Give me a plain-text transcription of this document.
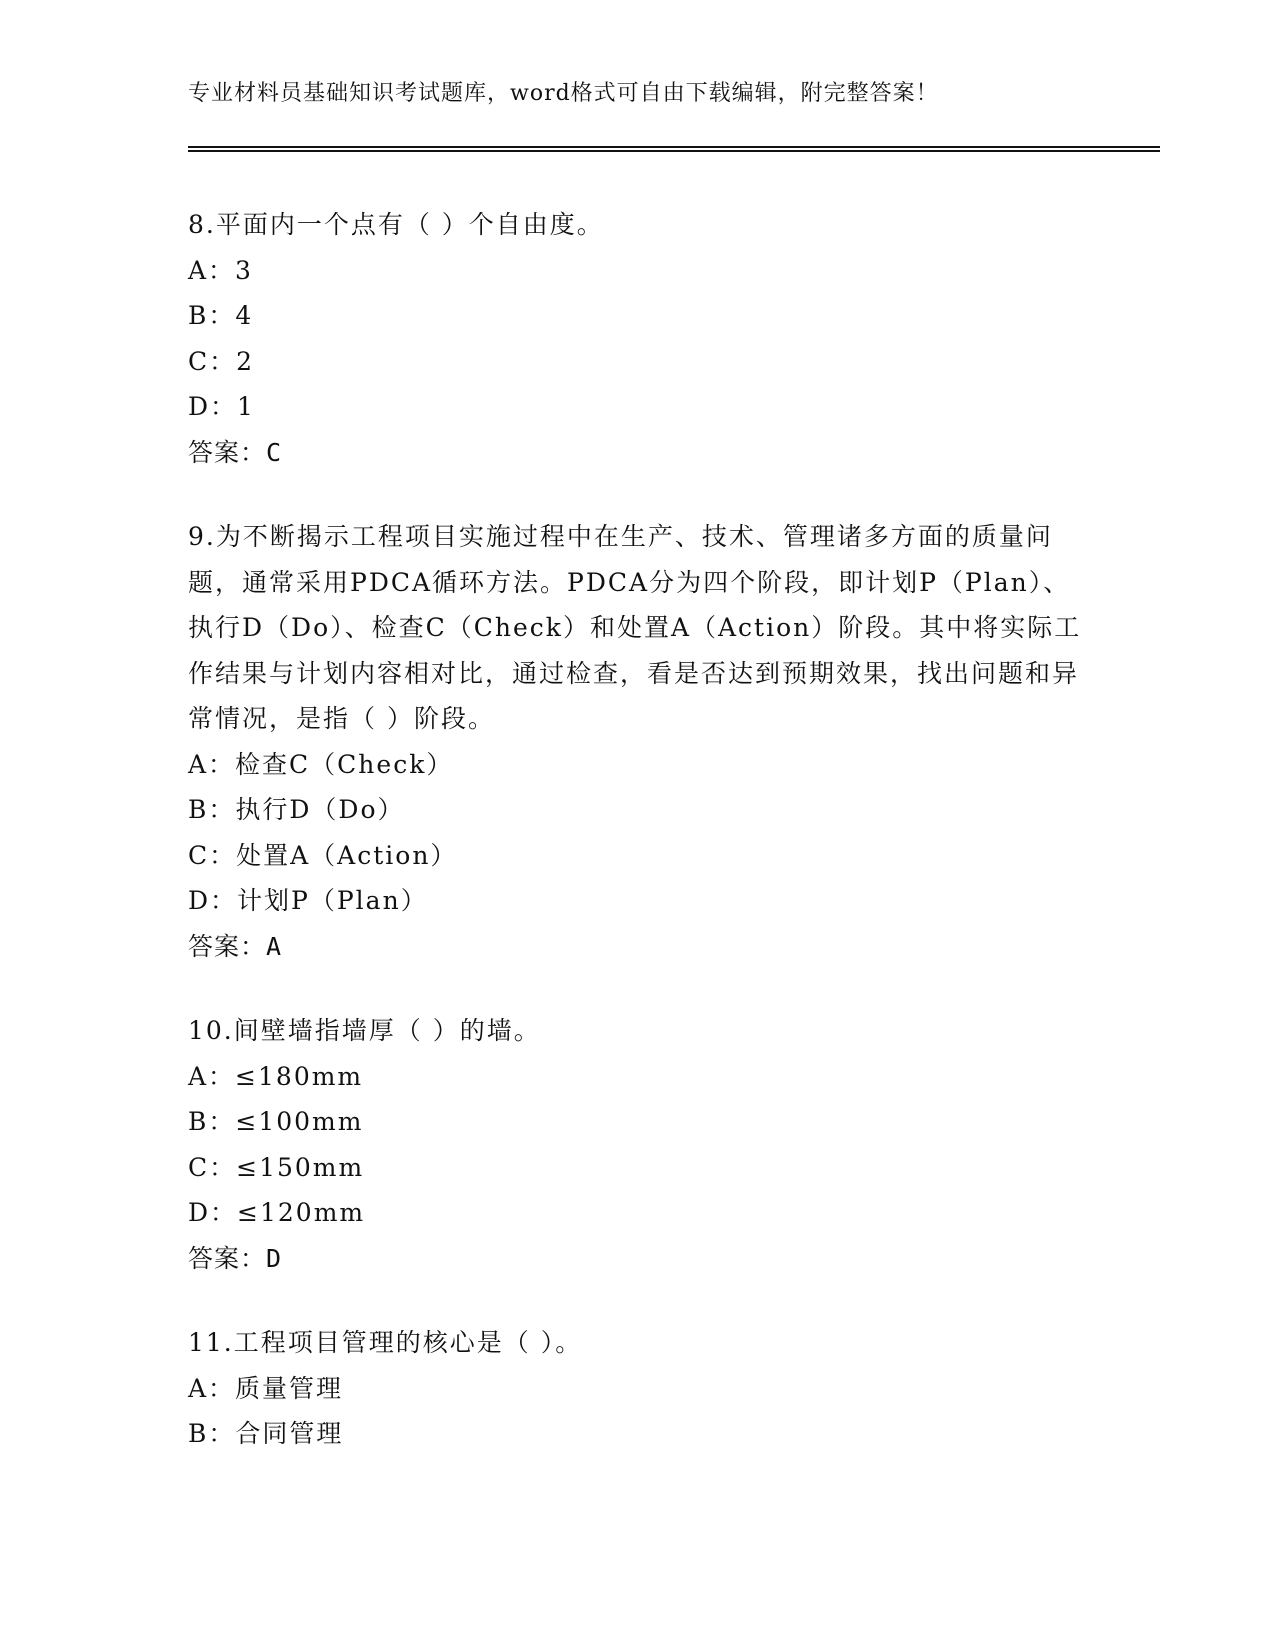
专业材料员基础知识考试题库，word格式可自由下载编辑，附完整答案！

8.平面内一个点有（ ）个自由度。

A：3

B：4

C：2

D：1

答案：C

9.为不断揭示工程项目实施过程中在生产、技术、管理诸多方面的质量问题，通常采用PDCA循环方法。PDCA分为四个阶段，即计划P（Plan）、执行D（Do）、检查C（Check）和处置A（Action）阶段。其中将实际工作结果与计划内容相对比，通过检查，看是否达到预期效果，找出问题和异常情况，是指（ ）阶段。

A：检查C（Check）

B：执行D（Do）

C：处置A（Action）

D：计划P（Plan）

答案：A

10.间壁墙指墙厚（ ）的墙。

A：≤180mm

B：≤100mm

C：≤150mm

D：≤120mm

答案：D

11.工程项目管理的核心是（ ）。

A：质量管理

B：合同管理
